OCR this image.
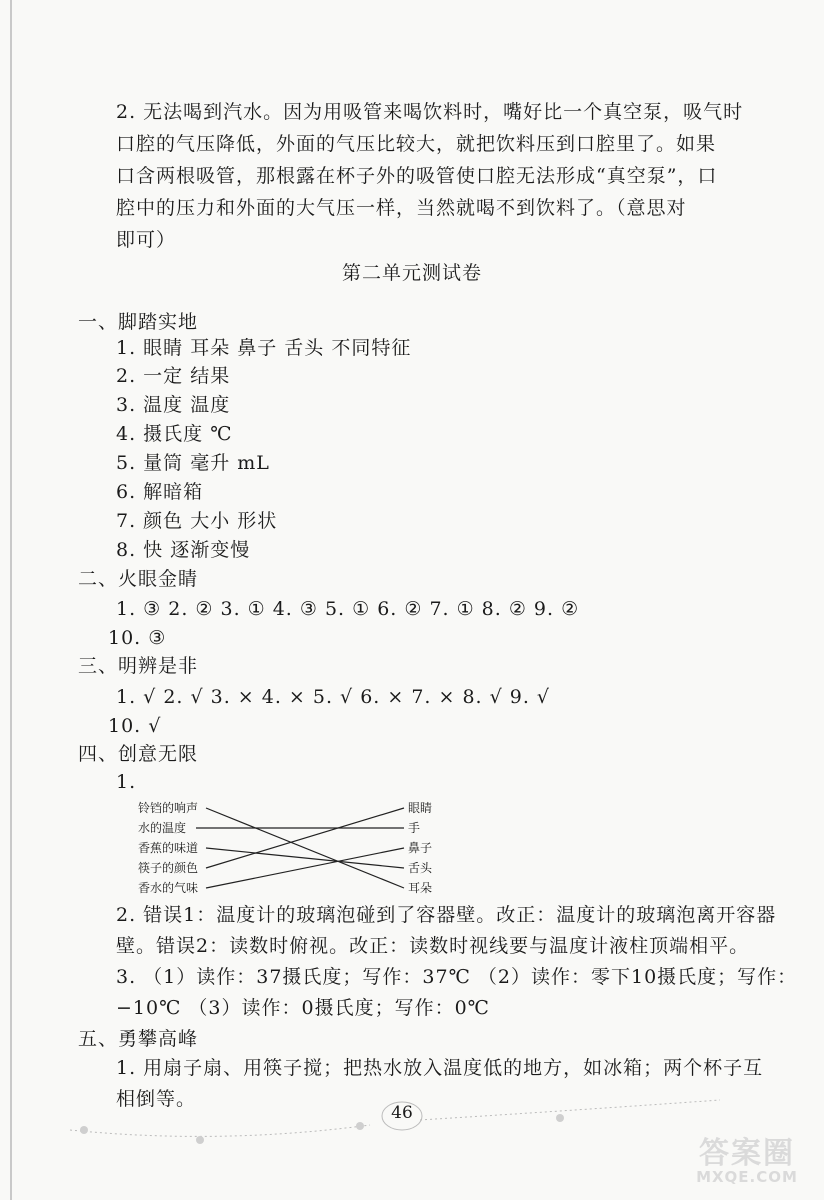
2. 无法喝到汽水。因为用吸管来喝饮料时，嘴好比一个真空泵，吸气时
口腔的气压降低，外面的气压比较大，就把饮料压到口腔里了。如果
口含两根吸管，那根露在杯子外的吸管使口腔无法形成“真空泵”，口
腔中的压力和外面的大气压一样，当然就喝不到饮料了。（意思对
即可）
第二单元测试卷
一、脚踏实地
1. 眼睛 耳朵 鼻子 舌头 不同特征
2. 一定 结果
3. 温度 温度
4. 摄氏度 ℃
5. 量筒 毫升 mL
6. 解暗箱
7. 颜色 大小 形状
8. 快 逐渐变慢
二、火眼金睛
1. ③ 2. ② 3. ① 4. ③ 5. ① 6. ② 7. ① 8. ② 9. ②
10. ③
三、明辨是非
1. √ 2. √ 3. × 4. × 5. √ 6. × 7. × 8. √ 9. √
10. √
四、创意无限
1.
铃铛的响声
水的温度
香蕉的味道
筷子的颜色
香水的气味
眼睛
手
鼻子
舌头
耳朵
2. 错误1：温度计的玻璃泡碰到了容器壁。改正：温度计的玻璃泡离开容器
壁。错误2：读数时俯视。改正：读数时视线要与温度计液柱顶端相平。
3. （1）读作：37摄氏度；写作：37℃ （2）读作：零下10摄氏度；写作：
−10℃ （3）读作：0摄氏度；写作：0℃
五、勇攀高峰
1. 用扇子扇、用筷子搅；把热水放入温度低的地方，如冰箱；两个杯子互
相倒等。
46
答案圈
MXQE.COM
